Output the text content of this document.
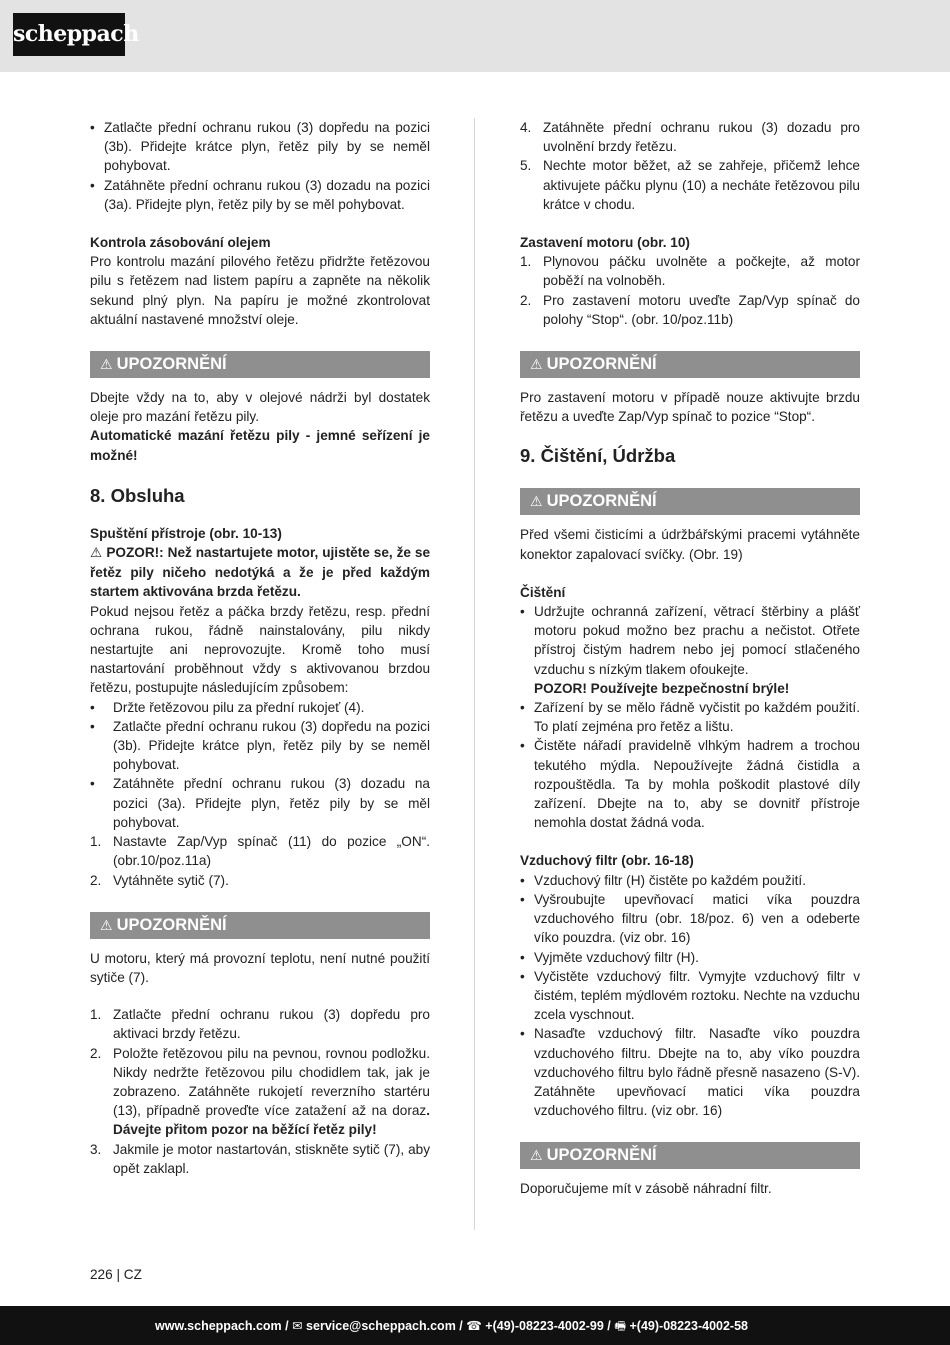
scheppach
• Zatlačte přední ochranu rukou (3) dopředu na pozici (3b). Přidejte krátce plyn, řetěz pily by se neměl pohybovat.
• Zatáhněte přední ochranu rukou (3) dozadu na pozici (3a). Přidejte plyn, řetěz pily by se měl pohybovat.

Kontrola zásobování olejem

Pro kontrolu mazání pilového řetězu přidržte řetězovou pilu s řetězem nad listem papíru a zapněte na několik sekund plný plyn. Na papíru je možné zkontrolovat aktuální nastavené množství oleje.

⚠ UPOZORNĚNÍ

Dbejte vždy na to, aby v olejové nádrži byl dostatek oleje pro mazání řetězu pily.

Automatické mazání řetězu pily - jemné seřízení je možné!

8. Obsluha

Spuštění přístroje (obr. 10-13)

⚠ POZOR!: Než nastartujete motor, ujistěte se, že se řetěz pily ničeho nedotýká a že je před každým startem aktivována brzda řetězu.

Pokud nejsou řetěz a páčka brzdy řetězu, resp. přední ochrana rukou, řádně nainstalovány, pilu nikdy nestartujte ani neprovozujte. Kromě toho musí nastartování proběhnout vždy s aktivovanou brzdou řetězu, postupujte následujícím způsobem:

• Držte řetězovou pilu za přední rukojeť (4).
• Zatlačte přední ochranu rukou (3) dopředu na pozici (3b). Přidejte krátce plyn, řetěz pily by se neměl pohybovat.
• Zatáhněte přední ochranu rukou (3) dozadu na pozici (3a). Přidejte plyn, řetěz pily by se měl pohybovat.
1. Nastavte Zap/Vyp spínač (11) do pozice „ON“. (obr.10/poz.11a)
2. Vytáhněte sytič (7).
⚠ UPOZORNĚNÍ

U motoru, který má provozní teplotu, není nutné použití sytiče (7).

1. Zatlačte přední ochranu rukou (3) dopředu pro aktivaci brzdy řetězu.
2. Položte řetězovou pilu na pevnou, rovnou podložku. Nikdy nedržte řetězovou pilu chodidlem tak, jak je zobrazeno. Zatáhněte rukojetí reverzního startéru (13), případně proveďte více zatažení až na doraz. Dávejte přitom pozor na běžící řetěz pily!
3. Jakmile je motor nastartován, stiskněte sytič (7), aby opět zaklapl.
4. Zatáhněte přední ochranu rukou (3) dozadu pro uvolnění brzdy řetězu.
5. Nechte motor běžet, až se zahřeje, přičemž lehce aktivujete páčku plynu (10) a necháte řetězovou pilu krátce v chodu.

Zastavení motoru (obr. 10)

1. Plynovou páčku uvolněte a počkejte, až motor poběží na volnoběh.
2. Pro zastavení motoru uveďte Zap/Vyp spínač do polohy “Stop“. (obr. 10/poz.11b)
⚠ UPOZORNĚNÍ

Pro zastavení motoru v případě nouze aktivujte brzdu řetězu a uveďte Zap/Vyp spínač to pozice “Stop“.

9. Čištění, Údržba

⚠ UPOZORNĚNÍ

Před všemi čisticími a údržbářskými pracemi vytáhněte konektor zapalovací svíčky. (Obr. 19)

Čištění

• Udržujte ochranná zařízení, větrací štěrbiny a plášť motoru pokud možno bez prachu a nečistot. Otřete přístroj čistým hadrem nebo jej pomocí stlačeného vzduchu s nízkým tlakem ofoukejte.
POZOR! Používejte bezpečnostní brýle!
• Zařízení by se mělo řádně vyčistit po každém použití. To platí zejména pro řetěz a lištu.
• Čistěte nářadí pravidelně vlhkým hadrem a trochou tekutého mýdla. Nepoužívejte žádná čistidla a rozpouštědla. Ta by mohla poškodit plastové díly zařízení. Dbejte na to, aby se dovnitř přístroje nemohla dostat žádná voda.

Vzduchový filtr (obr. 16-18)

• Vzduchový filtr (H) čistěte po každém použití.
• Vyšroubujte upevňovací matici víka pouzdra vzduchového filtru (obr. 18/poz. 6) ven a odeberte víko pouzdra. (viz obr. 16)
• Vyjměte vzduchový filtr (H).
• Vyčistěte vzduchový filtr. Vymyjte vzduchový filtr v čistém, teplém mýdlovém roztoku. Nechte na vzduchu zcela vyschnout.
• Nasaďte vzduchový filtr. Nasaďte víko pouzdra vzduchového filtru. Dbejte na to, aby víko pouzdra vzduchového filtru bylo řádně přesně nasazeno (S-V). Zatáhněte upevňovací matici víka pouzdra vzduchového filtru. (viz obr. 16)
⚠ UPOZORNĚNÍ

Doporučujeme mít v zásobě náhradní filtr.

226 | CZ
www.scheppach.com / ✉ service@scheppach.com / ☎ +(49)-08223-4002-99 / 🖷 +(49)-08223-4002-58
